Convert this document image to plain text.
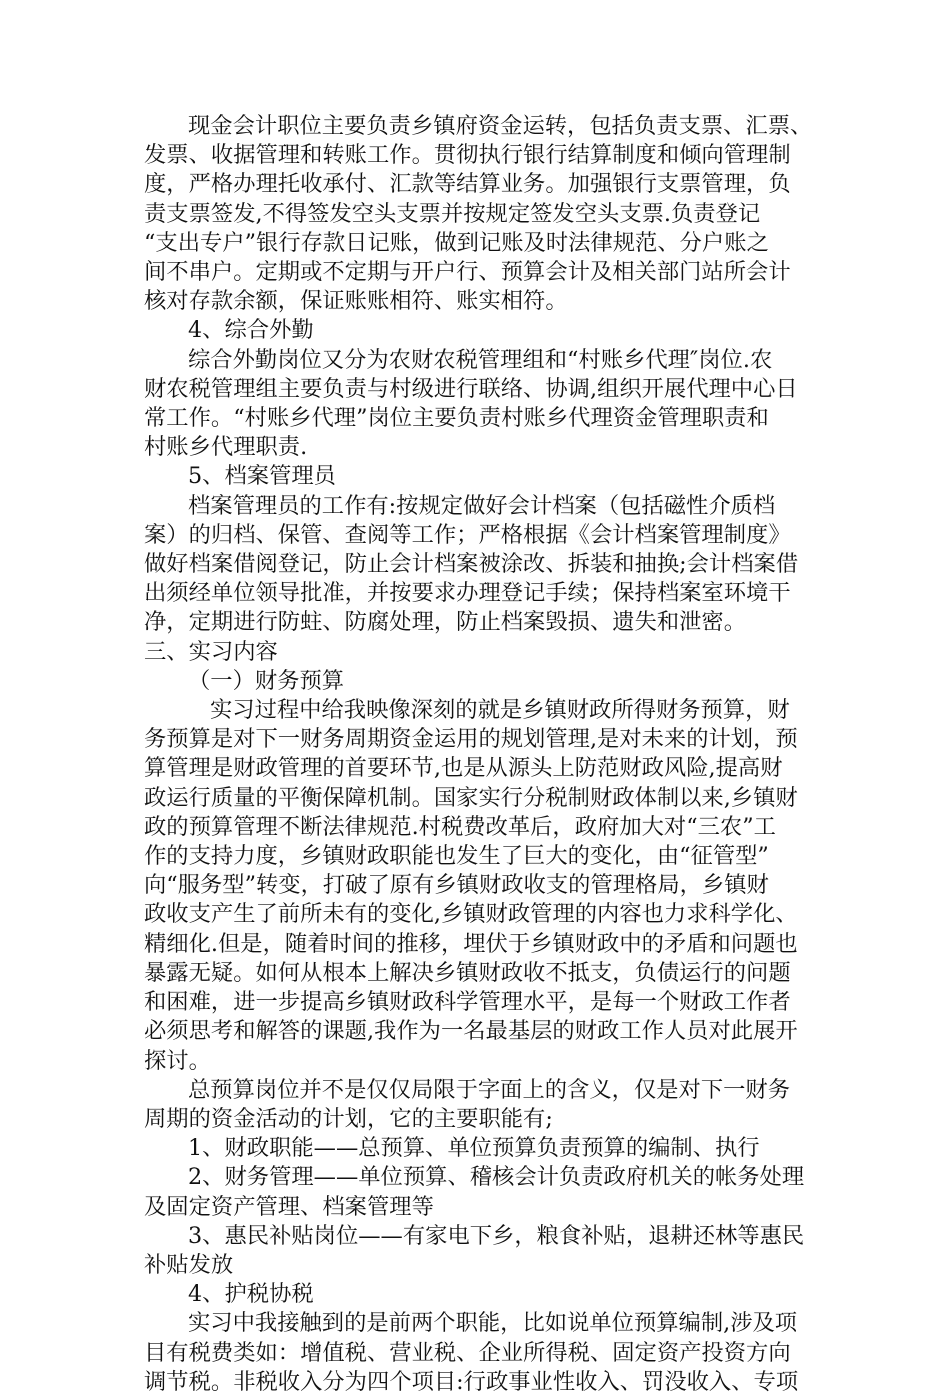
现金会计职位主要负责乡镇府资金运转，包括负责支票、汇票、

发票、收据管理和转账工作。贯彻执行银行结算制度和倾向管理制

度，严格办理托收承付、汇款等结算业务。加强银行支票管理，负

责支票签发,不得签发空头支票并按规定签发空头支票.负责登记

“支出专户”银行存款日记账，做到记账及时法律规范、分户账之

间不串户。定期或不定期与开户行、预算会计及相关部门站所会计

核对存款余额，保证账账相符、账实相符。

4、综合外勤

综合外勤岗位又分为农财农税管理组和“村账乡代理″岗位.农

财农税管理组主要负责与村级进行联络、协调,组织开展代理中心日

常工作。“村账乡代理”岗位主要负责村账乡代理资金管理职责和

村账乡代理职责.

5、档案管理员

档案管理员的工作有:按规定做好会计档案（包括磁性介质档

案）的归档、保管、查阅等工作；严格根据《会计档案管理制度》

做好档案借阅登记，防止会计档案被涂改、拆装和抽换;会计档案借

出须经单位领导批准，并按要求办理登记手续；保持档案室环境干

净，定期进行防蛀、防腐处理，防止档案毁损、遗失和泄密。

三、实习内容

（一）财务预算

实习过程中给我映像深刻的就是乡镇财政所得财务预算，财

务预算是对下一财务周期资金运用的规划管理,是对未来的计划，预

算管理是财政管理的首要环节,也是从源头上防范财政风险,提高财

政运行质量的平衡保障机制。国家实行分税制财政体制以来,乡镇财

政的预算管理不断法律规范.村税费改革后，政府加大对“三农”工

作的支持力度，乡镇财政职能也发生了巨大的变化，由“征管型”

向“服务型”转变，打破了原有乡镇财政收支的管理格局，乡镇财

政收支产生了前所未有的变化,乡镇财政管理的内容也力求科学化、

精细化.但是，随着时间的推移，埋伏于乡镇财政中的矛盾和问题也

暴露无疑。如何从根本上解决乡镇财政收不抵支，负债运行的问题

和困难，进一步提高乡镇财政科学管理水平，是每一个财政工作者

必须思考和解答的课题,我作为一名最基层的财政工作人员对此展开

探讨。

总预算岗位并不是仅仅局限于字面上的含义，仅是对下一财务

周期的资金活动的计划，它的主要职能有;

1、财政职能——总预算、单位预算负责预算的编制、执行

2、财务管理——单位预算、稽核会计负责政府机关的帐务处理

及固定资产管理、档案管理等

3、惠民补贴岗位——有家电下乡，粮食补贴，退耕还林等惠民

补贴发放

4、护税协税

实习中我接触到的是前两个职能，比如说单位预算编制,涉及项

目有税费类如：增值税、营业税、企业所得税、固定资产投资方向

调节税。非税收入分为四个项目:行政事业性收入、罚没收入、专项
